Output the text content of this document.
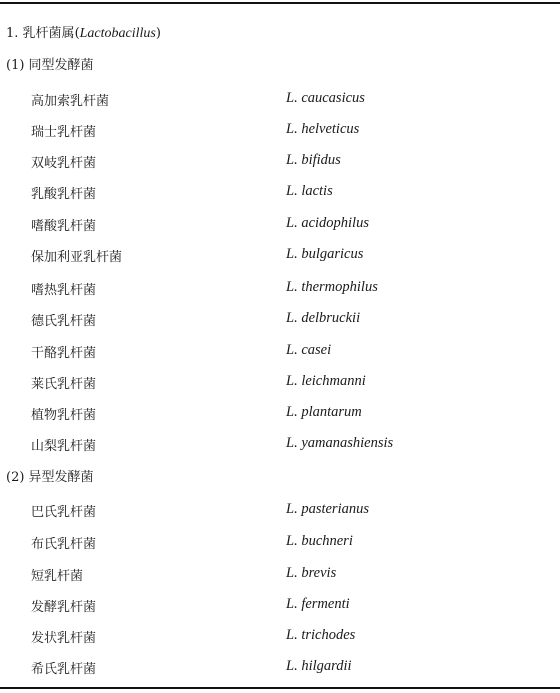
1. 乳杆菌属(Lactobacillus)
(1) 同型发酵菌
高加索乳杆菌	L. caucasicus
瑞士乳杆菌	L. helveticus
双岐乳杆菌	L. bifidus
乳酸乳杆菌	L. lactis
嗜酸乳杆菌	L. acidophilus
保加利亚乳杆菌	L. bulgaricus
嗜热乳杆菌	L. thermophilus
德氏乳杆菌	L. delbruckii
干酪乳杆菌	L. casei
莱氏乳杆菌	L. leichmanni
植物乳杆菌	L. plantarum
山梨乳杆菌	L. yamanashiensis
(2) 异型发酵菌
巴氏乳杆菌	L. pasterianus
布氏乳杆菌	L. buchneri
短乳杆菌	L. brevis
发酵乳杆菌	L. fermenti
发状乳杆菌	L. trichodes
希氏乳杆菌	L. hilgardii
